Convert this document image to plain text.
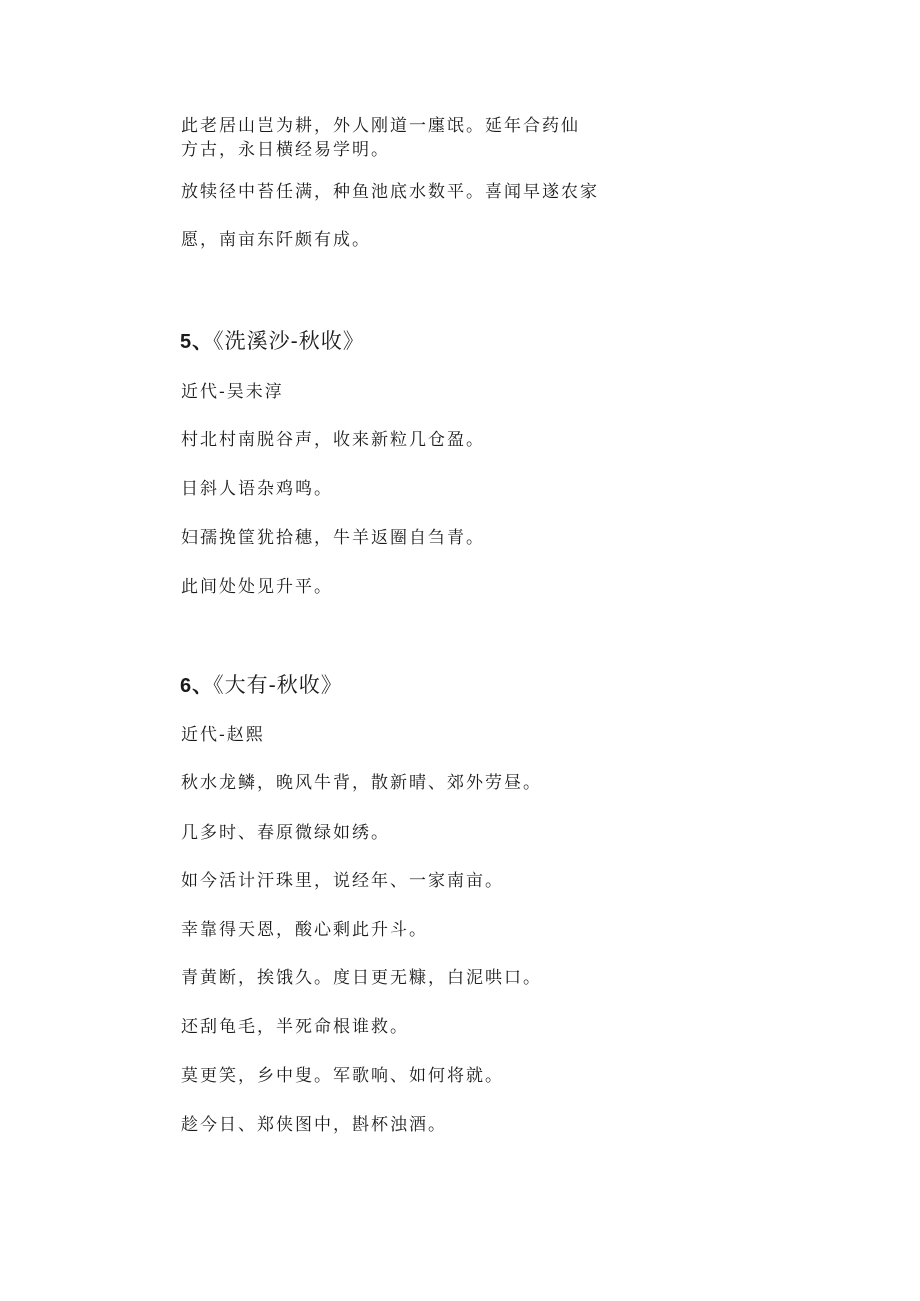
此老居山岂为耕，外人刚道一廛氓。延年合药仙
方古，永日横经易学明。
放犊径中苔任满，种鱼池底水数平。喜闻早遂农家
愿，南亩东阡颇有成。
5、《洗溪沙-秋收》
近代-吴未淳
村北村南脱谷声，收来新粒几仓盈。
日斜人语杂鸡鸣。
妇孺挽筐犹拾穗，牛羊返圈自刍青。
此间处处见升平。
6、《大有-秋收》
近代-赵熙
秋水龙鳞，晚风牛背，散新晴、郊外劳昼。
几多时、春原微绿如绣。
如今活计汗珠里，说经年、一家南亩。
幸靠得天恩，酸心剩此升斗。
青黄断，挨饿久。度日更无糠，白泥哄口。
还刮龟毛，半死命根谁救。
莫更笑，乡中叟。军歌响、如何将就。
趁今日、郑侠图中，斟杯浊酒。
